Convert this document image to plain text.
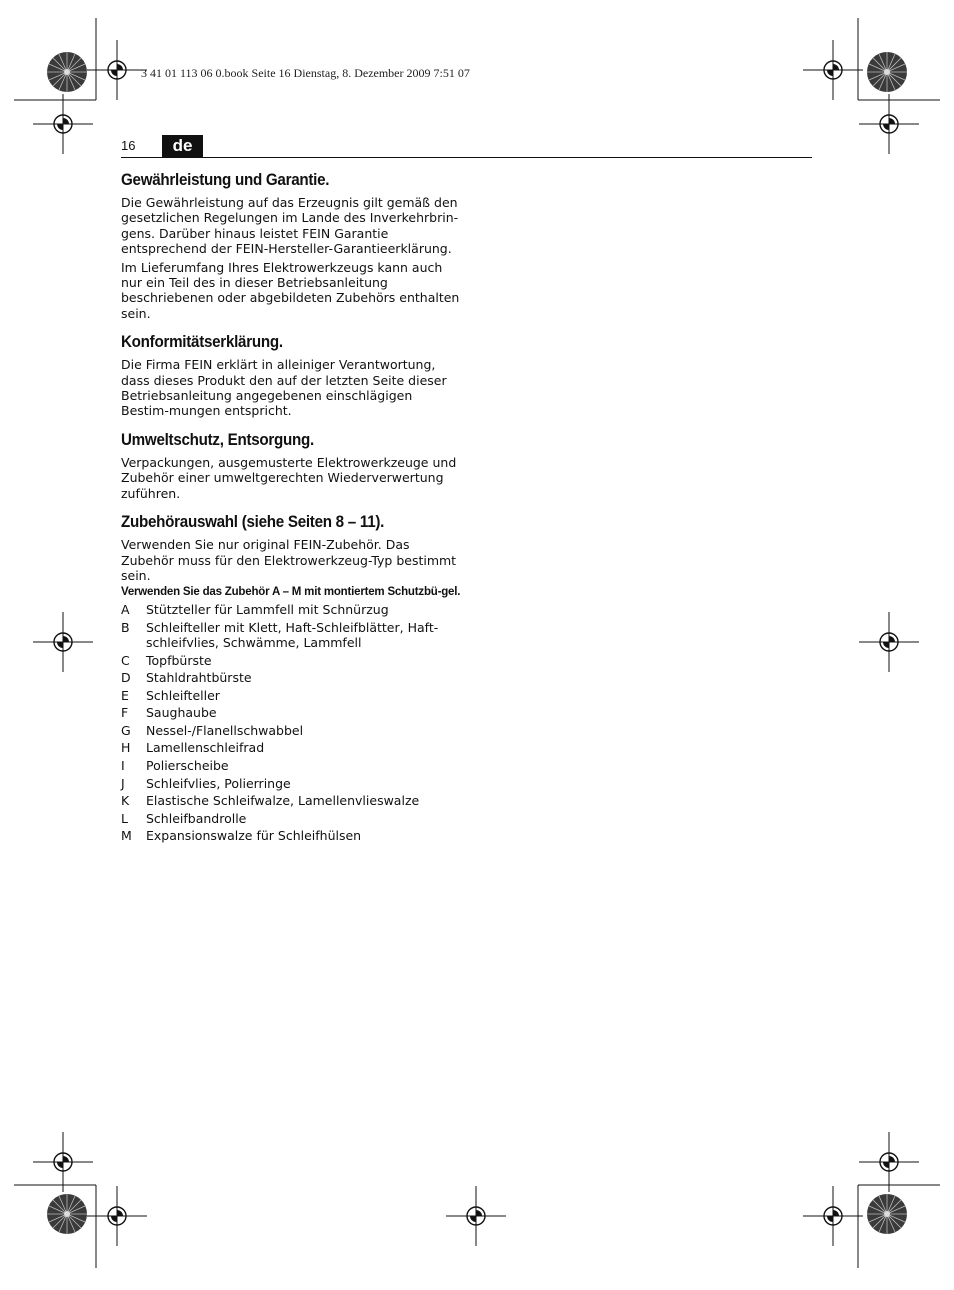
3 41 01 113 06 0.book Seite 16 Dienstag, 8. Dezember 2009 7:51 07
16	de
Gewährleistung und Garantie.

Die Gewährleistung auf das Erzeugnis gilt gemäß den gesetzlichen Regelungen im Lande des Inverkehrbrin-gens. Darüber hinaus leistet FEIN Garantie entsprechend der FEIN-Hersteller-Garantieerklärung.

Im Lieferumfang Ihres Elektrowerkzeugs kann auch nur ein Teil des in dieser Betriebsanleitung beschriebenen oder abgebildeten Zubehörs enthalten sein.

Konformitätserklärung.

Die Firma FEIN erklärt in alleiniger Verantwortung, dass dieses Produkt den auf der letzten Seite dieser Betriebsanleitung angegebenen einschlägigen Bestim-mungen entspricht.

Umweltschutz, Entsorgung.

Verpackungen, ausgemusterte Elektrowerkzeuge und Zubehör einer umweltgerechten Wiederverwertung zuführen.

Zubehörauswahl (siehe Seiten 8 – 11).

Verwenden Sie nur original FEIN-Zubehör. Das Zubehör muss für den Elektrowerkzeug-Typ bestimmt sein.

Verwenden Sie das Zubehör A – M mit montiertem Schutzbü-gel.

A	Stützteller für Lammfell mit Schnürzug
B	Schleifteller mit Klett, Haft-Schleifblätter, Haft-schleifvlies, Schwämme, Lammfell
C	Topfbürste
D	Stahldrahtbürste
E	Schleifteller
F	Saughaube
G	Nessel-/Flanellschwabbel
H	Lamellenschleifrad
I	Polierscheibe
J	Schleifvlies, Polierringe
K	Elastische Schleifwalze, Lamellenvlieswalze
L	Schleifbandrolle
M	Expansionswalze für Schleifhülsen
